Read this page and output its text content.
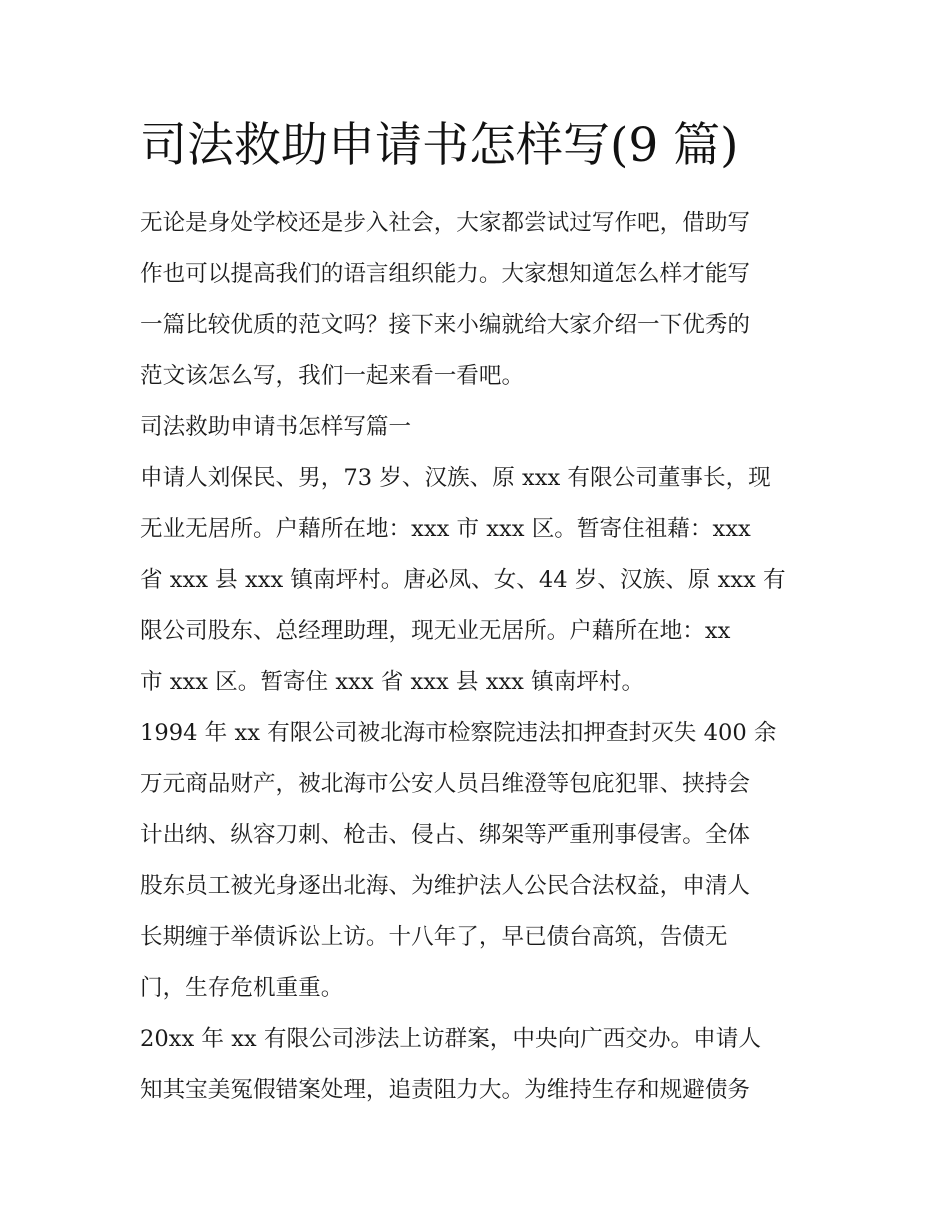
司法救助申请书怎样写(9 篇)
无论是身处学校还是步入社会，大家都尝试过写作吧，借助写
作也可以提高我们的语言组织能力。大家想知道怎么样才能写
一篇比较优质的范文吗？接下来小编就给大家介绍一下优秀的
范文该怎么写，我们一起来看一看吧。
司法救助申请书怎样写篇一
申请人刘保民、男，73 岁、汉族、原 xxx 有限公司董事长，现
无业无居所。户藉所在地：xxx 市 xxx 区。暂寄住祖藉：xxx
省 xxx 县 xxx 镇南坪村。唐必凤、女、44 岁、汉族、原 xxx 有
限公司股东、总经理助理，现无业无居所。户藉所在地：xx
市 xxx 区。暂寄住 xxx 省 xxx 县 xxx 镇南坪村。
1994 年 xx 有限公司被北海市检察院违法扣押查封灭失 400 余
万元商品财产，被北海市公安人员吕维澄等包庇犯罪、挟持会
计出纳、纵容刀刺、枪击、侵占、绑架等严重刑事侵害。全体
股东员工被光身逐出北海、为维护法人公民合法权益，申清人
长期缠于举债诉讼上访。十八年了，早已债台高筑，告债无
门，生存危机重重。
20xx 年 xx 有限公司涉法上访群案，中央向广西交办。申请人
知其宝美冤假错案处理，追责阻力大。为维持生存和规避债务
